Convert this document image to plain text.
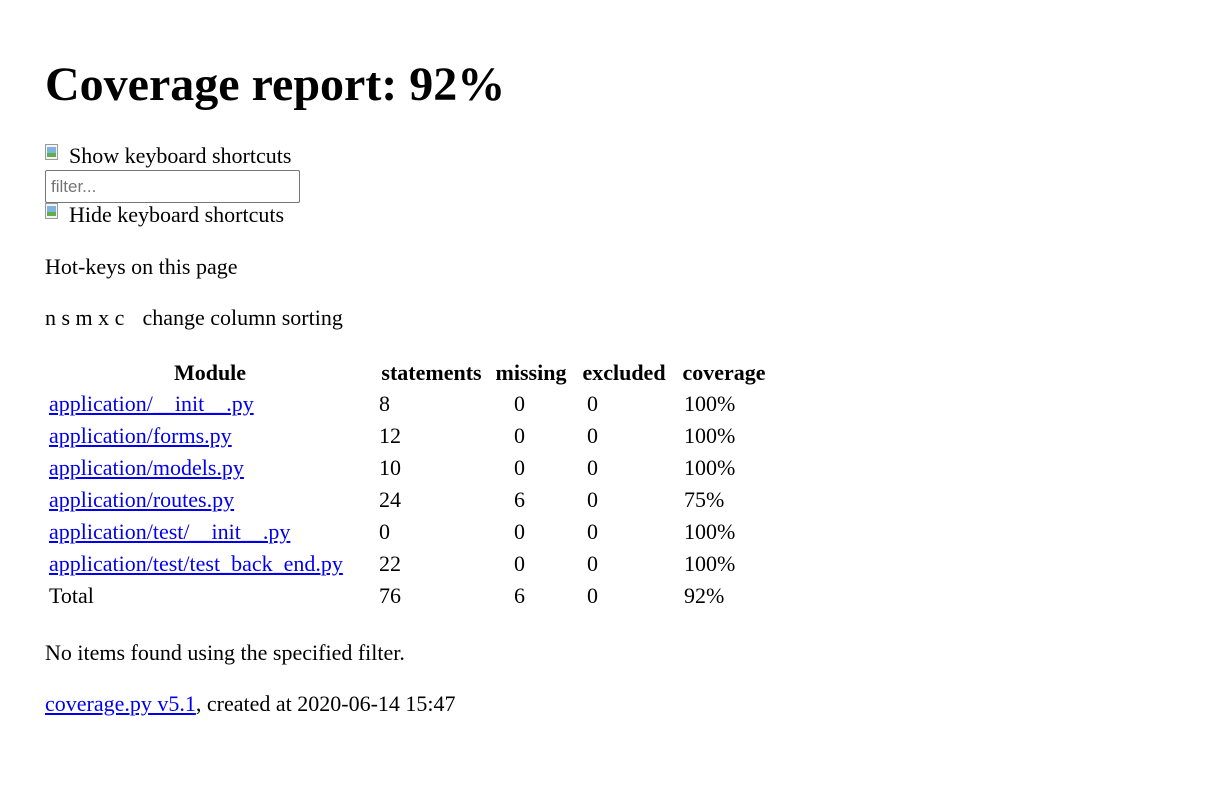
Coverage report: 92%
Show keyboard shortcuts
filter...
Hide keyboard shortcuts
Hot-keys on this page
n s m x c change column sorting
Module	statements	missing	excluded	coverage
application/__init__.py	8	0	0	100%
application/forms.py	12	0	0	100%
application/models.py	10	0	0	100%
application/routes.py	24	6	0	75%
application/test/__init__.py	0	0	0	100%
application/test/test_back_end.py	22	0	0	100%
Total	76	6	0	92%

No items found using the specified filter.

coverage.py v5.1, created at 2020-06-14 15:47
